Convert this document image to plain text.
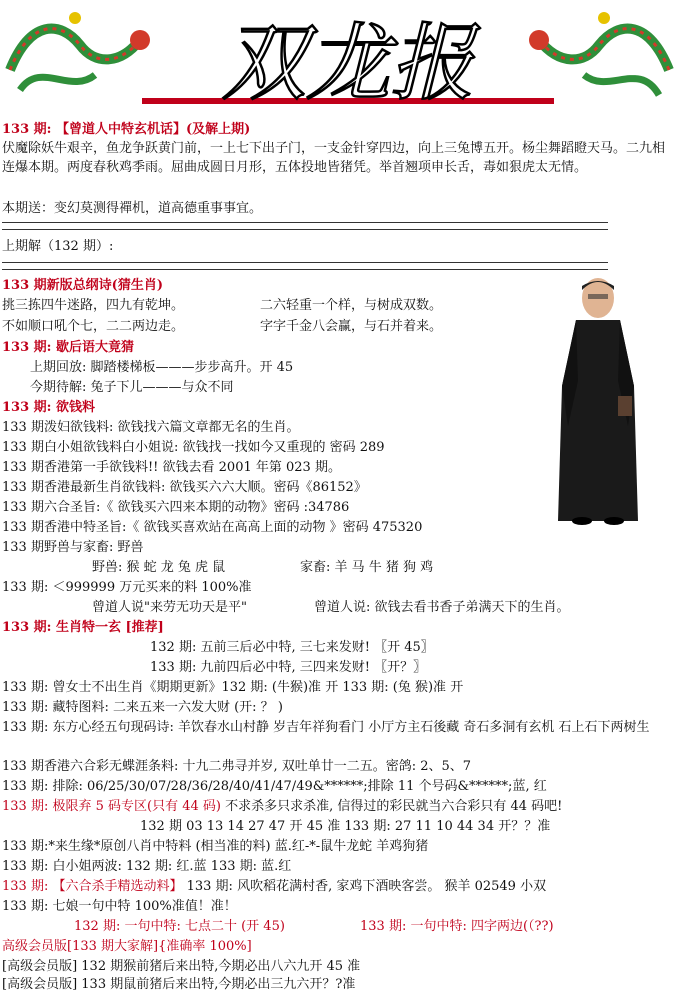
双龙报
133 期: 【曾道人中特玄机话】(及解上期)
伏魔除妖牛艰辛，鱼龙争跃黄门前，一上七下出子门，一支金针穿四边，向上三兔博五开。杨尘舞蹈瞪天马。二九相连爆本期。两度春秋鸡季雨。屈曲成圆日月形，五体投地皆猪凭。举首翘项申长舌，毒如狠虎太无情。
本期送：变幻莫测得禪机，道高德重事事宜。
上期解（132 期）:
133 期新版总纲诗(猜生肖)
挑三拣四牛迷路，四九有乾坤。	二六轻重一个样，与树成双数。
不如顺口吼个七，二二两边走。	字字千金八会赢，与石并着来。
133 期: 歇后语大竟猜
上期回放: 脚踏楼梯板———步步高升。开 45
今期待解: 兔子下儿———与众不同
133 期: 欲钱料
133 期泼妇欲钱料: 欲钱找六篇文章都无名的生肖。
133 期白小姐欲钱料白小姐说: 欲钱找一找如今又重现的 密码 289
133 期香港第一手欲钱料!! 欲钱去看 2001 年第 023 期。
133 期香港最新生肖欲钱料: 欲钱买六六大顺。密码《86152》
133 期六合圣旨:《 欲钱买六四来本期的动物》密码 :34786
133 期香港中特圣旨:《 欲钱买喜欢站在高高上面的动物 》密码 475320
133 期野兽与家畜: 野兽
野兽: 猴 蛇 龙 兔 虎 鼠	家畜: 羊 马 牛 猪 狗 鸡
133 期: ＜999999 万元买来的料 100%准
曾道人说"来劳无功天是平"	曾道人说: 欲钱去看书香子弟满天下的生肖。
133 期: 生肖特一玄 [推荐]
132 期: 五前三后必中特, 三七来发财! 〖开 45〗
133 期: 九前四后必中特, 三四来发财! 〖开？〗
133 期: 曾女士不出生肖《期期更新》132 期: (牛猴)准 开 133 期: (兔 猴)准 开
133 期: 藏特图料: 二来五来一六发大财 (开: ？ )
133 期: 东方心经五句现码诗: 羊饮春水山村静 岁吉年祥狗看门 小厅方主石後藏 奇石多洞有玄机 石上石下两树生
133 期香港六合彩无蝶涯条料: 十九二弗寻并岁, 双吐单廿一二五。密鸽: 2、5、7
133 期: 排除: 06/25/30/07/28/36/28/40/41/47/49&******;排除 11 个号码&******;蓝, 红
133 期: 极限弃 5 码专区(只有 44 码) 不求杀多只求杀准, 信得过的彩民就当六合彩只有 44 码吧!
132 期 03 13 14 27 47 开 45 准 133 期: 27 11 10 44 34 开？？准
133 期:*来生缘*原创八肖中特料 (相当准的料) 蓝.红-*-鼠牛龙蛇 羊鸡狗猪
133 期: 白小姐两波: 132 期: 红.蓝 133 期: 蓝.红
133 期: 【六合杀手精选动料】 133 期: 风吹稻花满村香, 家鸡下酒映客尝。 猴羊 02549 小双
133 期: 七娘一句中特 100%准值！准！
132 期: 一句中特: 七点二十 (开 45)	133 期: 一句中特: 四字两边(（??)
高级会员版[133 期大家解]{准确率 100%]
[高级会员版] 132 期猴前猪后来出特,今期必出八六九开 45 准
[高级会员版] 133 期鼠前猪后来出特,今期必出三九六开？?准
